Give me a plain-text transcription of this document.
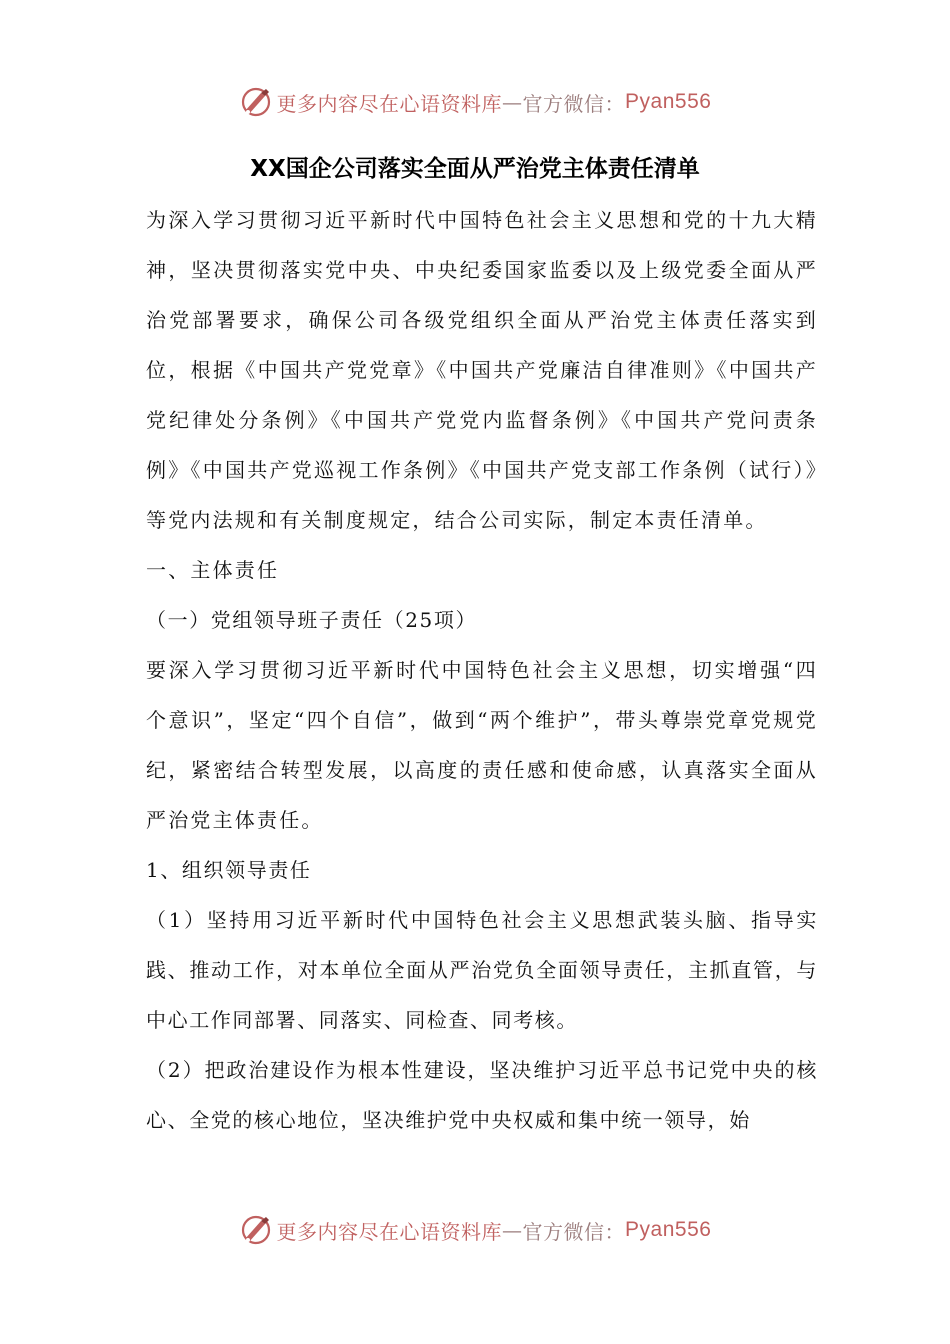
更多内容尽在心语资料库 — 官方微信： Pyan556
XX国企公司落实全面从严治党主体责任清单

为深入学习贯彻习近平新时代中国特色社会主义思想和党的十九大精神，坚决贯彻落实党中央、中央纪委国家监委以及上级党委全面从严治党部署要求，确保公司各级党组织全面从严治党主体责任落实到位，根据《中国共产党党章》《中国共产党廉洁自律准则》《中国共产党纪律处分条例》《中国共产党党内监督条例》《中国共产党问责条例》《中国共产党巡视工作条例》《中国共产党支部工作条例（试行）》等党内法规和有关制度规定，结合公司实际，制定本责任清单。

一、主体责任

（一）党组领导班子责任（25项）

要深入学习贯彻习近平新时代中国特色社会主义思想，切实增强“四个意识”，坚定“四个自信”，做到“两个维护”，带头尊崇党章党规党纪，紧密结合转型发展，以高度的责任感和使命感，认真落实全面从严治党主体责任。

1、组织领导责任

（1）坚持用习近平新时代中国特色社会主义思想武装头脑、指导实践、推动工作，对本单位全面从严治党负全面领导责任，主抓直管，与中心工作同部署、同落实、同检查、同考核。

（2）把政治建设作为根本性建设，坚决维护习近平总书记党中央的核心、全党的核心地位，坚决维护党中央权威和集中统一领导，始

更多内容尽在心语资料库 — 官方微信： Pyan556
